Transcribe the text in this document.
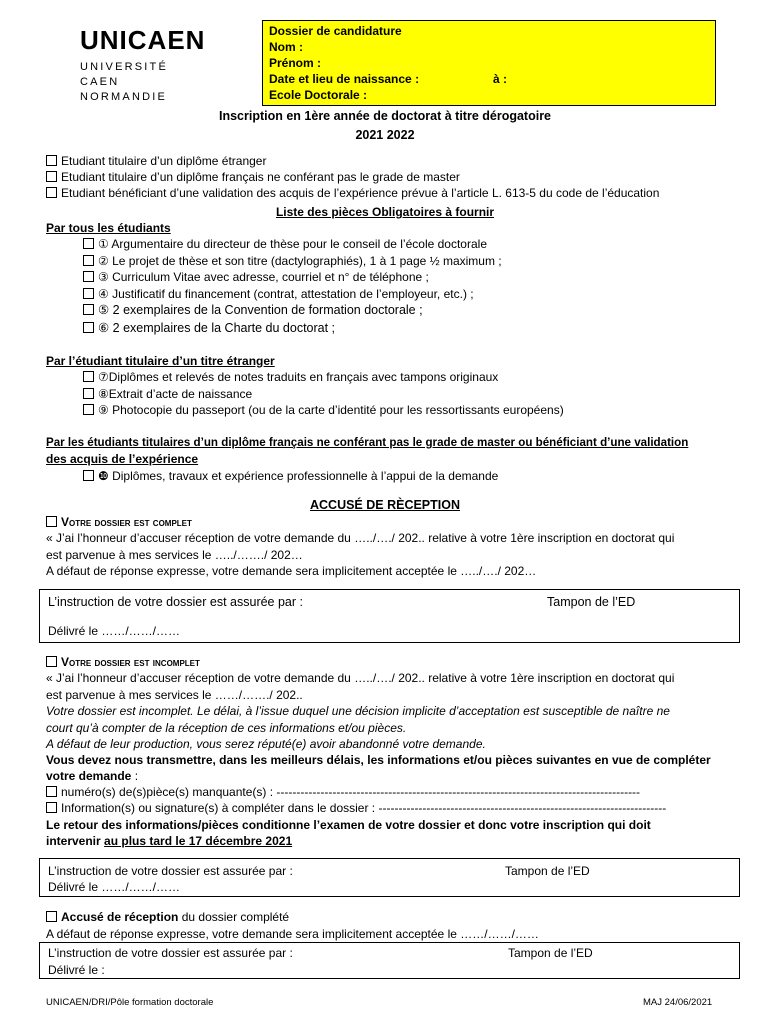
UNICAEN
UNIVERSITÉ
CAEN
NORMANDIE
Dossier de candidature
Nom :
Prénom :
Date et lieu de naissance :	à :
Ecole Doctorale :
Inscription en 1ère année de doctorat à titre dérogatoire
2021 2022
Etudiant titulaire d’un diplôme étranger
Etudiant titulaire d’un diplôme français ne conférant pas le grade de master
Etudiant bénéficiant d’une validation des acquis de l’expérience prévue à l’article L. 613-5 du code de l’éducation
Liste des pièces Obligatoires à fournir
Par tous les étudiants
① Argumentaire du directeur de thèse pour le conseil de l’école doctorale
② Le projet de thèse et son titre (dactylographiés), 1 à 1 page ½ maximum ;
③ Curriculum Vitae avec adresse, courriel et n° de téléphone ;
④ Justificatif du financement (contrat, attestation de l’employeur, etc.) ;
⑤ 2 exemplaires de la Convention de formation doctorale ;
⑥ 2 exemplaires de la Charte du doctorat ;
Par l’étudiant titulaire d’un titre étranger
⑦Diplômes et relevés de notes traduits en français avec tampons originaux
⑧Extrait d’acte de naissance
⑨ Photocopie du passeport (ou de la carte d’identité pour les ressortissants européens)
Par les étudiants titulaires d’un diplôme français ne conférant pas le grade de master ou bénéficiant d’une validation
des acquis de l’expérience
❿ Diplômes, travaux et expérience professionnelle à l’appui de la demande
ACCUSÉ DE RÈCEPTION
Votre dossier est complet
« J’ai l’honneur d’accuser réception de votre demande du …../…./ 202.. relative à votre 1ère inscription en doctorat qui
est parvenue à mes services le …../……./ 202…
A défaut de réponse expresse, votre demande sera implicitement acceptée le …../…./ 202…
L’instruction de votre dossier est assurée par :	Tampon de l’ED
Délivré le ……/……/……
Votre dossier est incomplet
« J’ai l’honneur d’accuser réception de votre demande du …../…./ 202.. relative à votre 1ère inscription en doctorat qui
est parvenue à mes services le ……/……./ 202..
Votre dossier est incomplet. Le délai, à l’issue duquel une décision implicite d’acceptation est susceptible de naître ne
court qu’à compter de la réception de ces informations et/ou pièces.
A défaut de leur production, vous serez réputé(e) avoir abandonné votre demande.
Vous devez nous transmettre, dans les meilleurs délais, les informations et/ou pièces suivantes en vue de compléter
votre demande :
numéro(s) de(s)pièce(s) manquante(s) : -------------------------------------------------------------------------------------------
Information(s) ou signature(s) à compléter dans le dossier : ------------------------------------------------------------------------
Le retour des informations/pièces conditionne l’examen de votre dossier et donc votre inscription qui doit
intervenir au plus tard le 17 décembre 2021
L’instruction de votre dossier est assurée par :	Tampon de l’ED
Délivré le ……/……/……
Accusé de réception du dossier complété
A défaut de réponse expresse, votre demande sera implicitement acceptée le ……/……/……
L’instruction de votre dossier est assurée par :	Tampon de l’ED
Délivré le :
UNICAEN/DRI/Pôle formation doctorale	MAJ 24/06/2021
